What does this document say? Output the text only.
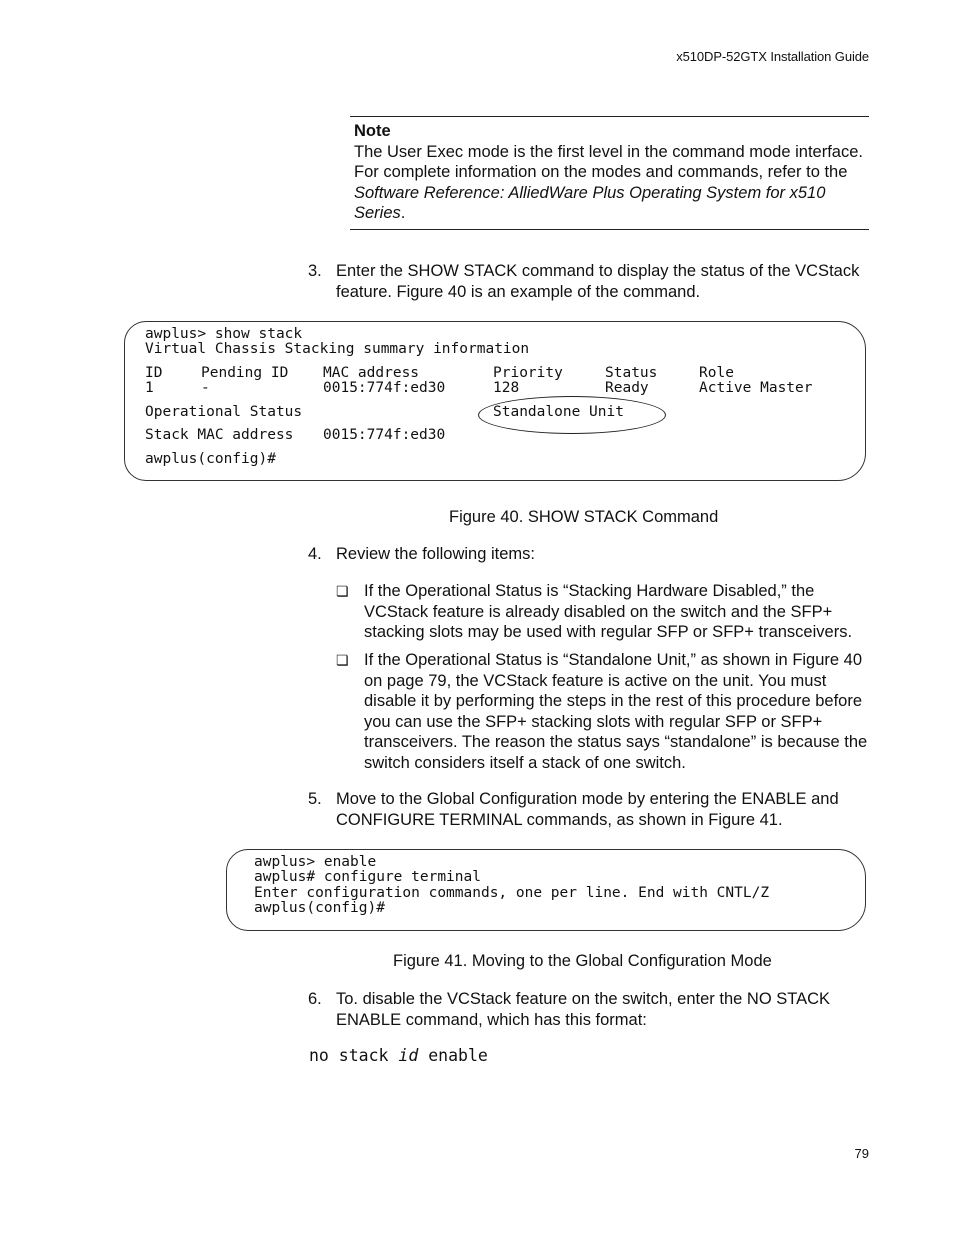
x510DP-52GTX Installation Guide
Note
The User Exec mode is the first level in the command mode interface. For complete information on the modes and commands, refer to the Software Reference: AlliedWare Plus Operating System for x510 Series.
3. Enter the SHOW STACK command to display the status of the VCStack feature. Figure 40 is an example of the command.
awplus> show stack
Virtual Chassis Stacking summary information
ID	Pending ID MAC address	Priority	Status	Role
1	-	0015:774f:ed30	128	Ready	Active Master
Operational Status	Standalone Unit
Stack MAC address 0015:774f:ed30
awplus(config)#
Figure 40. SHOW STACK Command
4. Review the following items:
❏ If the Operational Status is “Stacking Hardware Disabled,” the VCStack feature is already disabled on the switch and the SFP+ stacking slots may be used with regular SFP or SFP+ transceivers.
❏ If the Operational Status is “Standalone Unit,” as shown in Figure 40 on page 79, the VCStack feature is active on the unit. You must disable it by performing the steps in the rest of this procedure before you can use the SFP+ stacking slots with regular SFP or SFP+ transceivers. The reason the status says “standalone” is because the switch considers itself a stack of one switch.
5. Move to the Global Configuration mode by entering the ENABLE and CONFIGURE TERMINAL commands, as shown in Figure 41.
awplus> enable
awplus# configure terminal
Enter configuration commands, one per line. End with CNTL/Z
awplus(config)#
Figure 41. Moving to the Global Configuration Mode
6. To. disable the VCStack feature on the switch, enter the NO STACK ENABLE command, which has this format:
no stack id enable
79
